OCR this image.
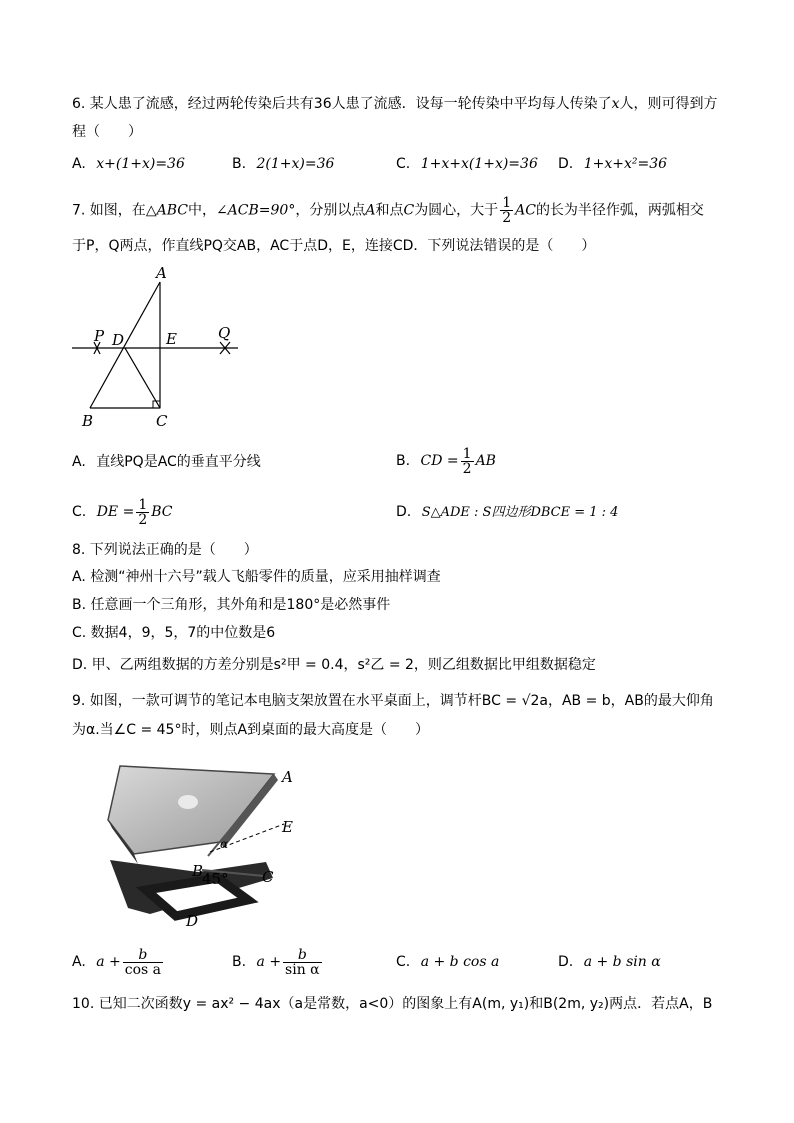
6. 某人患了流感，经过两轮传染后共有36人患了流感．设每一轮传染中平均每人传染了x人，则可得到方
程（　　）
A. x+(1+x)=36	B. 2(1+x)=36	C. 1+x+x(1+x)=36 D. 1+x+x²=36
7. 如图，在△ABC中，∠ACB=90°，分别以点A和点C为圆心，大于 $\frac{1}{2}$ AC的长为半径作弧，两弧相交
于P，Q两点，作直线PQ交AB，AC于点D，E，连接CD．下列说法错误的是（　　）
A
P D	E	Q
B	C
A. 直线PQ是AC的垂直平分线	B. CD = $\frac{1}{2}$ AB
C. DE = $\frac{1}{2}$ BC	D. S△ADE : S四边形DBCE = 1 : 4
8. 下列说法正确的是（　　）
A. 检测“神州十六号”载人飞船零件的质量，应采用抽样调查
B. 任意画一个三角形，其外角和是180°是必然事件
C. 数据4，9，5，7的中位数是6
D. 甲、乙两组数据的方差分别是s²甲 = 0.4，s²乙 = 2，则乙组数据比甲组数据稳定
9. 如图，一款可调节的笔记本电脑支架放置在水平桌面上，调节杆BC = √2a，AB = b，AB的最大仰角
为α.当∠C = 45°时，则点A到桌面的最大高度是（　　）
A
E
α
B
45° C
D
A. $a + \frac{b}{\text{cos a}}$	B. $a + \frac{b}{\text{sin α}}$	C. a + b cos a	D. a + b sin α
10. 已知二次函数y = ax² − 4ax（a是常数，a<0）的图象上有A(m, y₁)和B(2m, y₂)两点．若点A，B
